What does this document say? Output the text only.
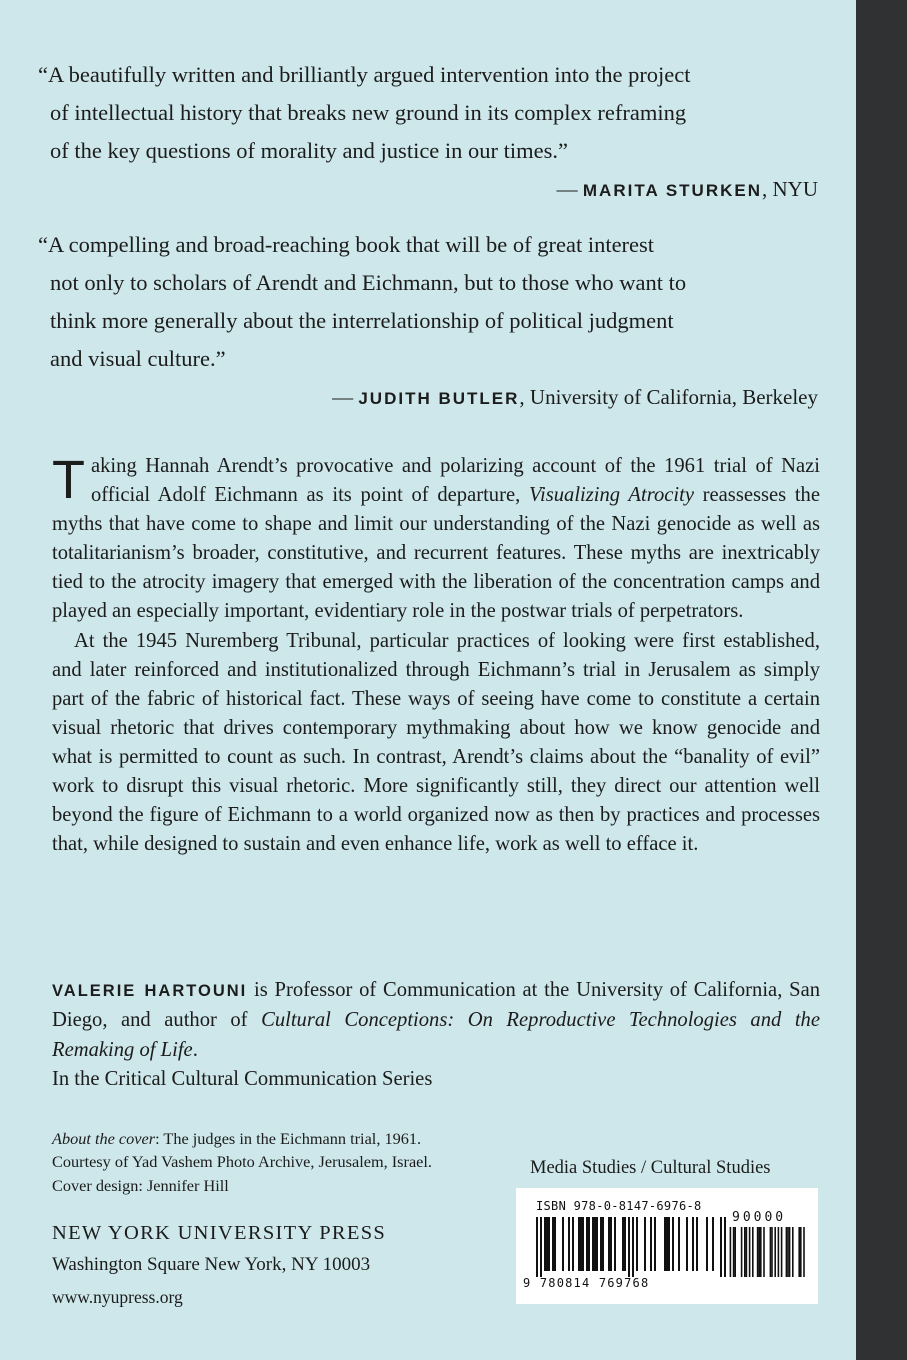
“A beautifully written and brilliantly argued intervention into the project

of intellectual history that breaks new ground in its complex reframing

of the key questions of morality and justice in our times.”

— MARITA STURKEN, NYU

“A compelling and broad-reaching book that will be of great interest

not only to scholars of Arendt and Eichmann, but to those who want to

think more generally about the interrelationship of political judgment

and visual culture.”

— JUDITH BUTLER, University of California, Berkeley

Taking Hannah Arendt’s provocative and polarizing account of the 1961 trial of Nazi official Adolf Eichmann as its point of departure, Visualizing Atrocity reassesses the myths that have come to shape and limit our understanding of the Nazi genocide as well as totalitarianism’s broader, constitutive, and recurrent features. These myths are inextricably tied to the atrocity imagery that emerged with the liberation of the concentration camps and played an especially important, evidentiary role in the postwar trials of perpetrators.

At the 1945 Nuremberg Tribunal, particular practices of looking were first established, and later reinforced and institutionalized through Eichmann’s trial in Jerusalem as simply part of the fabric of historical fact. These ways of seeing have come to constitute a certain visual rhetoric that drives contemporary mythmaking about how we know genocide and what is permitted to count as such. In contrast, Arendt’s claims about the “banality of evil” work to disrupt this visual rhetoric. More significantly still, they direct our attention well beyond the figure of Eichmann to a world organized now as then by practices and processes that, while designed to sustain and even enhance life, work as well to efface it.

VALERIE HARTOUNI is Professor of Communication at the University of California, San Diego, and author of Cultural Conceptions: On Reproductive Technologies and the Remaking of Life.
In the Critical Cultural Communication Series
About the cover: The judges in the Eichmann trial, 1961.
Courtesy of Yad Vashem Photo Archive, Jerusalem, Israel.
Cover design: Jennifer Hill
NEW YORK UNIVERSITY PRESS
Washington Square New York, NY 10003
www.nyupress.org
Media Studies / Cultural Studies
ISBN 978-0-8147-6976-8
90000
9 780814 769768
